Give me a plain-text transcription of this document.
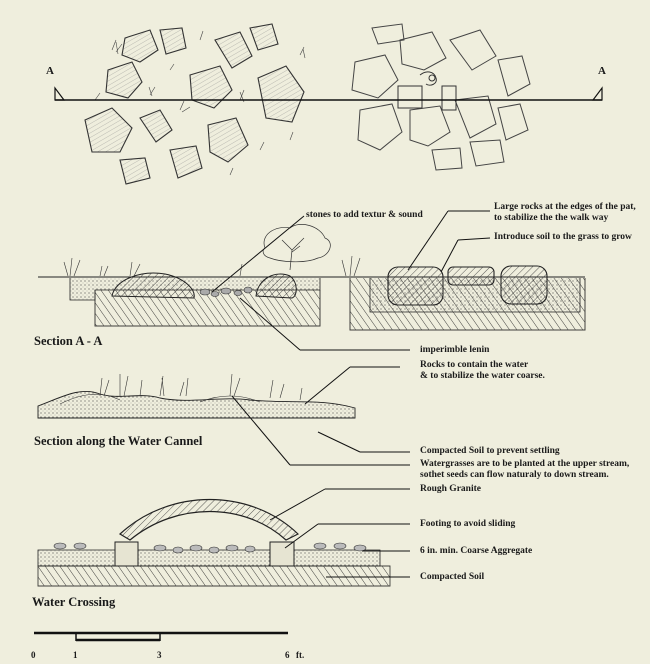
A	A
stones to add textur & sound
Large rocks at the edges of the pat,
to stabilize the the walk way
Introduce soil to the grass to grow
Section A - A
imperimble lenin
Rocks to contain the water
& to stabilize the water coarse.
Section along the Water Cannel
Compacted Soil to prevent settling
Watergrasses are to be planted at the upper stream,
sothet seeds can flow naturaly to down stream.
Rough Granite
Footing to avoid sliding
6 in. min. Coarse Aggregate
Compacted Soil
Water Crossing
0	1	3	6 ft.
